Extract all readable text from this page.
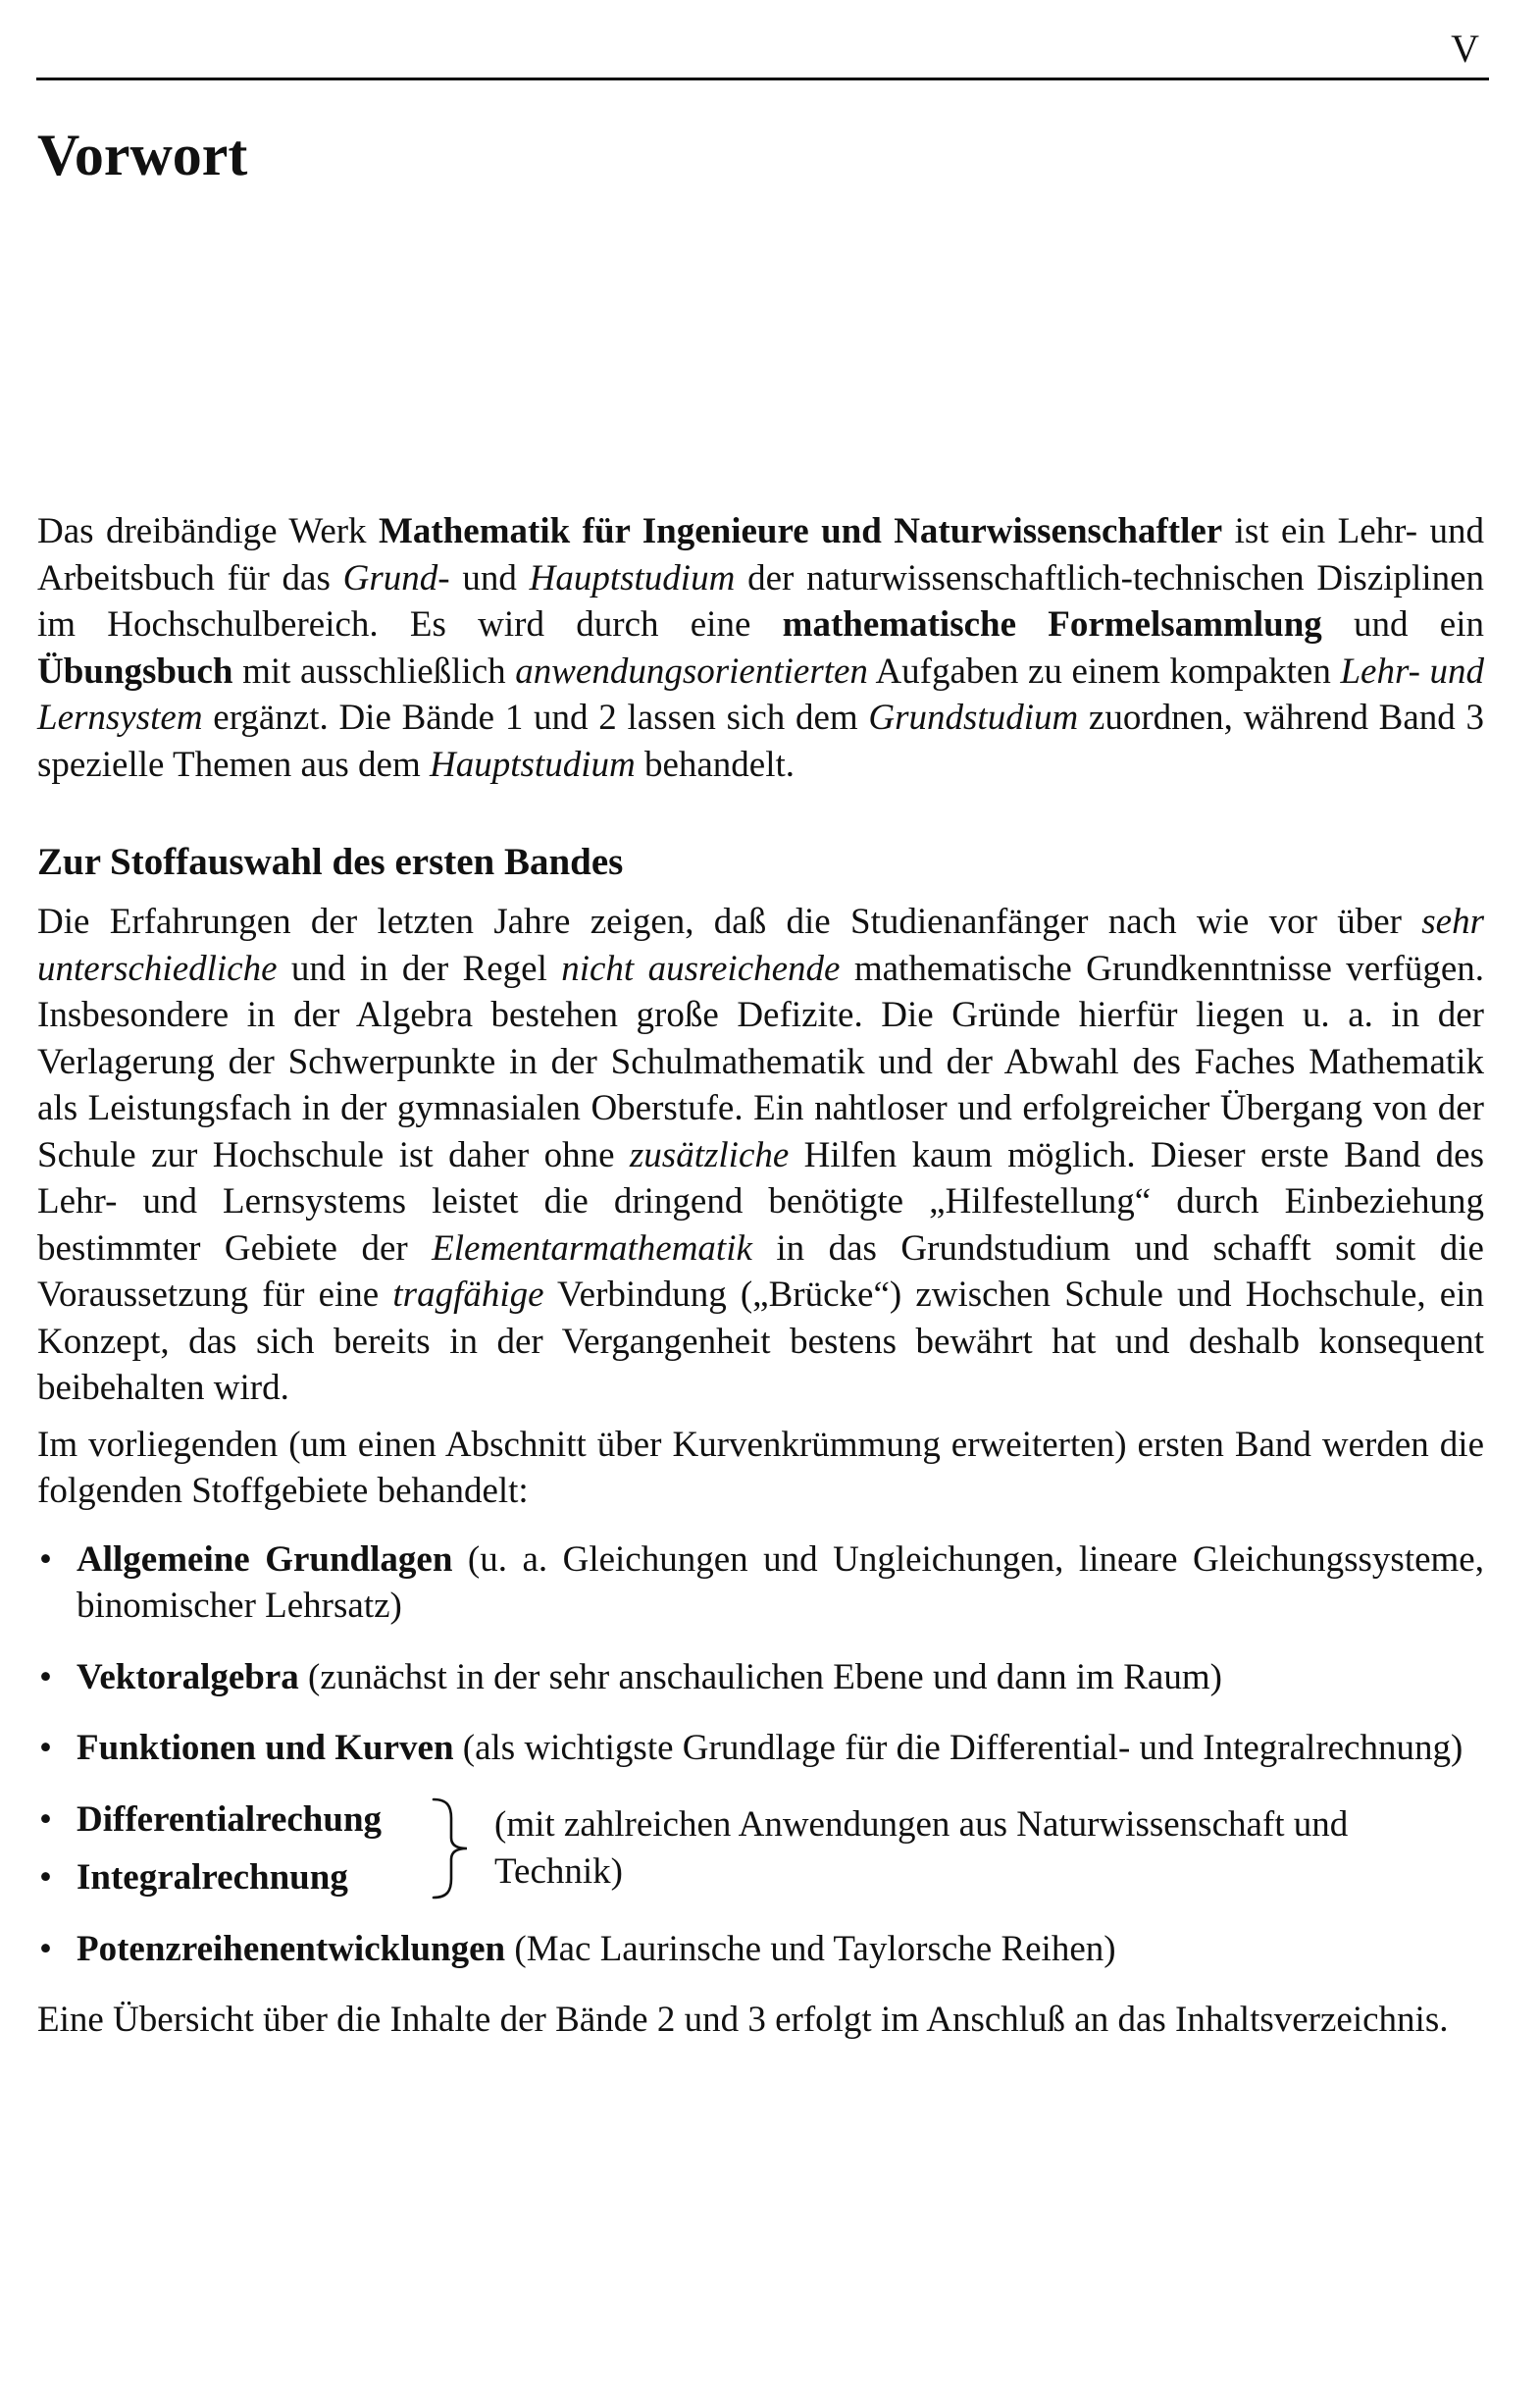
V
Vorwort

Das dreibändige Werk Mathematik für Ingenieure und Naturwissenschaftler ist ein Lehr- und Arbeitsbuch für das Grund- und Hauptstudium der naturwissenschaftlich-technischen Disziplinen im Hochschulbereich. Es wird durch eine mathematische Formelsammlung und ein Übungsbuch mit ausschließlich anwendungsorientierten Aufgaben zu einem kompakten Lehr- und Lernsystem ergänzt. Die Bände 1 und 2 lassen sich dem Grundstudium zuordnen, während Band 3 spezielle Themen aus dem Hauptstudium behandelt.

Zur Stoffauswahl des ersten Bandes

Die Erfahrungen der letzten Jahre zeigen, daß die Studienanfänger nach wie vor über sehr unterschiedliche und in der Regel nicht ausreichende mathematische Grundkenntnisse verfügen. Insbesondere in der Algebra bestehen große Defizite. Die Gründe hierfür liegen u. a. in der Verlagerung der Schwerpunkte in der Schulmathematik und der Abwahl des Faches Mathematik als Leistungsfach in der gymnasialen Oberstufe. Ein nahtloser und erfolgreicher Übergang von der Schule zur Hochschule ist daher ohne zusätzliche Hilfen kaum möglich. Dieser erste Band des Lehr- und Lernsystems leistet die dringend benötigte „Hilfestellung“ durch Einbeziehung bestimmter Gebiete der Elementarmathematik in das Grundstudium und schafft somit die Voraussetzung für eine tragfähige Verbindung („Brücke“) zwischen Schule und Hochschule, ein Konzept, das sich bereits in der Vergangenheit bestens bewährt hat und deshalb konsequent beibehalten wird.

Im vorliegenden (um einen Abschnitt über Kurvenkrümmung erweiterten) ersten Band werden die folgenden Stoffgebiete behandelt:

• Allgemeine Grundlagen (u. a. Gleichungen und Ungleichungen, lineare Gleichungssysteme, binomischer Lehrsatz)
• Vektoralgebra (zunächst in der sehr anschaulichen Ebene und dann im Raum)
• Funktionen und Kurven (als wichtigste Grundlage für die Differential- und Integralrechnung)
• Differentialrechung
• Integralrechnung
(mit zahlreichen Anwendungen aus Naturwissenschaft und Technik)
• Potenzreihenentwicklungen (Mac Laurinsche und Taylorsche Reihen)

Eine Übersicht über die Inhalte der Bände 2 und 3 erfolgt im Anschluß an das Inhaltsverzeichnis.
